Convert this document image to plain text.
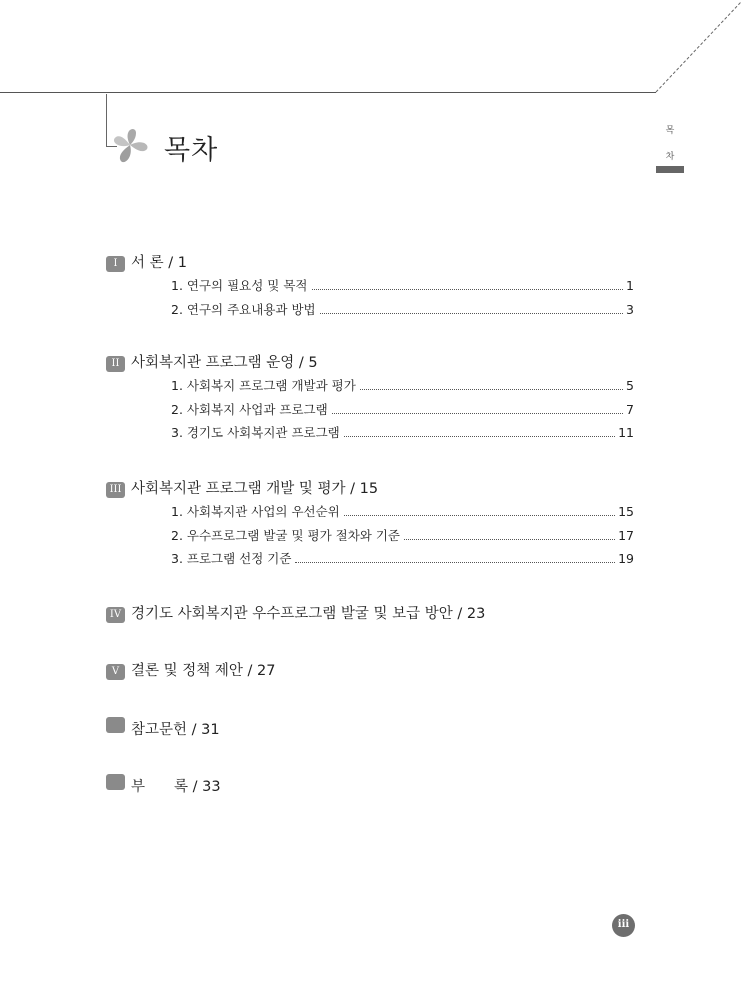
목차
목
차
I 서 론 / 1
1. 연구의 필요성 및 목적	1
2. 연구의 주요내용과 방법	3
II 사회복지관 프로그램 운영 / 5
1. 사회복지 프로그램 개발과 평가	5
2. 사회복지 사업과 프로그램	7
3. 경기도 사회복지관 프로그램	11
III 사회복지관 프로그램 개발 및 평가 / 15
1. 사회복지관 사업의 우선순위	15
2. 우수프로그램 발굴 및 평가 절차와 기준	17
3. 프로그램 선정 기준	19
IV 경기도 사회복지관 우수프로그램 발굴 및 보급 방안 / 23
V 결론 및 정책 제안 / 27
참고문헌 / 31
부　　록 / 33
iii
